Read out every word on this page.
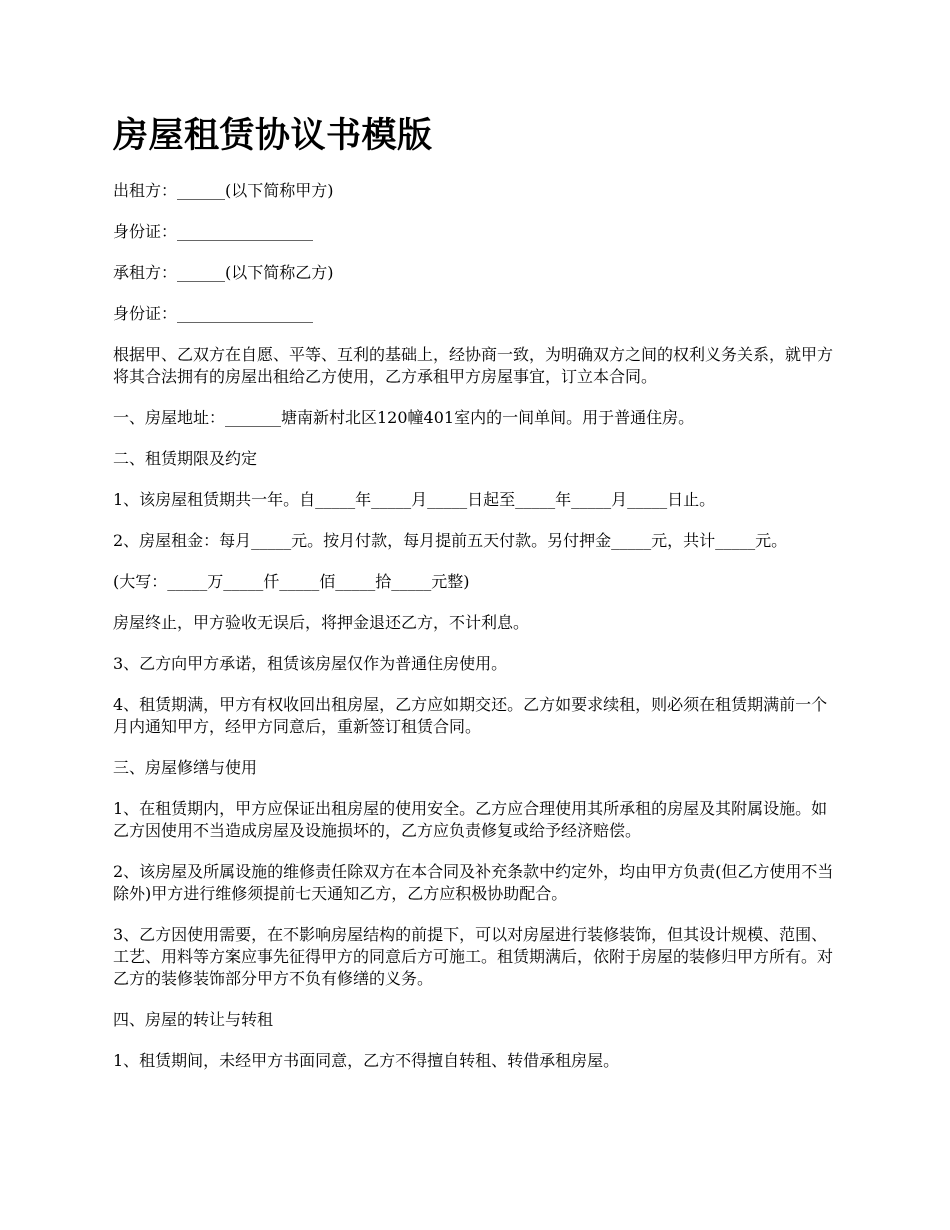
房屋租赁协议书模版

出租方：______(以下简称甲方)

身份证：_________________

承租方：______(以下简称乙方)

身份证：_________________

根据甲、乙双方在自愿、平等、互利的基础上，经协商一致，为明确双方之间的权利义务关系，就甲方将其合法拥有的房屋出租给乙方使用，乙方承租甲方房屋事宜，订立本合同。

一、房屋地址：_______塘南新村北区120幢401室内的一间单间。用于普通住房。

二、租赁期限及约定

1、该房屋租赁期共一年。自_____年_____月_____日起至_____年_____月_____日止。

2、房屋租金：每月_____元。按月付款，每月提前五天付款。另付押金_____元，共计_____元。

(大写：_____万_____仟_____佰_____拾_____元整)

房屋终止，甲方验收无误后，将押金退还乙方，不计利息。

3、乙方向甲方承诺，租赁该房屋仅作为普通住房使用。

4、租赁期满，甲方有权收回出租房屋，乙方应如期交还。乙方如要求续租，则必须在租赁期满前一个月内通知甲方，经甲方同意后，重新签订租赁合同。

三、房屋修缮与使用

1、在租赁期内，甲方应保证出租房屋的使用安全。乙方应合理使用其所承租的房屋及其附属设施。如乙方因使用不当造成房屋及设施损坏的，乙方应负责修复或给予经济赔偿。

2、该房屋及所属设施的维修责任除双方在本合同及补充条款中约定外，均由甲方负责(但乙方使用不当除外)甲方进行维修须提前七天通知乙方，乙方应积极协助配合。

3、乙方因使用需要，在不影响房屋结构的前提下，可以对房屋进行装修装饰，但其设计规模、范围、工艺、用料等方案应事先征得甲方的同意后方可施工。租赁期满后，依附于房屋的装修归甲方所有。对乙方的装修装饰部分甲方不负有修缮的义务。

四、房屋的转让与转租

1、租赁期间，未经甲方书面同意，乙方不得擅自转租、转借承租房屋。
